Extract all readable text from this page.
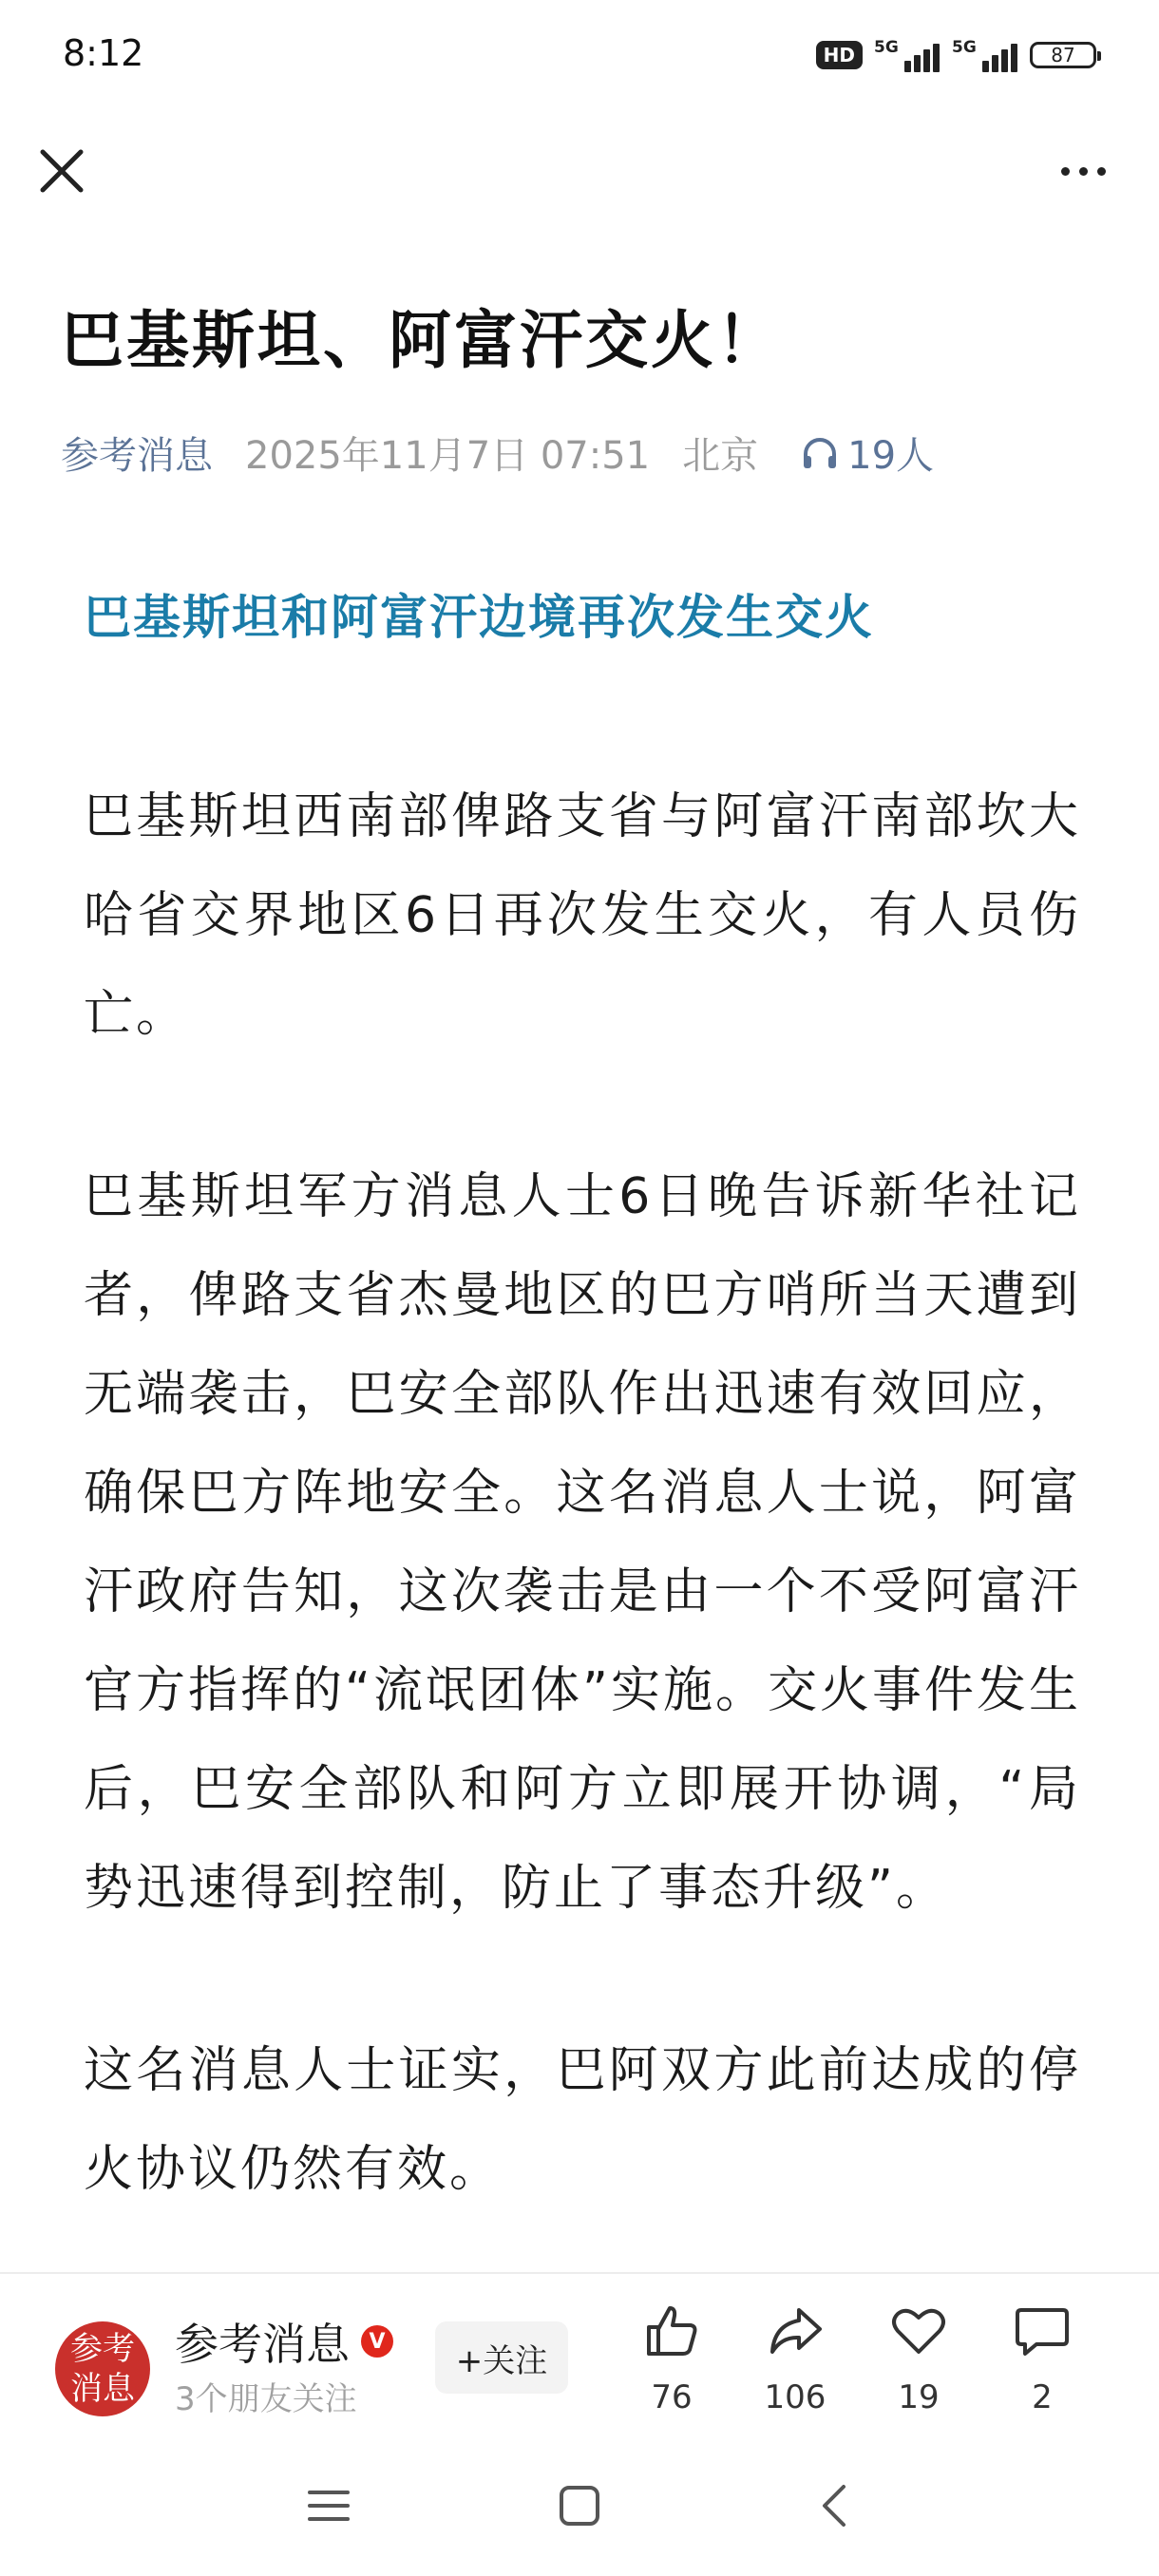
8:12	HD	5G	5G	87
巴基斯坦、阿富汗交火！
参考消息 2025年11月7日 07:51 北京 19人
巴基斯坦和阿富汗边境再次发生交火

巴基斯坦西南部俾路支省与阿富汗南部坎大哈省交界地区6日再次发生交火，有人员伤亡。

巴基斯坦军方消息人士6日晚告诉新华社记者，俾路支省杰曼地区的巴方哨所当天遭到无端袭击，巴安全部队作出迅速有效回应，确保巴方阵地安全。这名消息人士说，阿富汗政府告知，这次袭击是由一个不受阿富汗官方指挥的“流氓团体”实施。交火事件发生后，巴安全部队和阿方立即展开协调，“局势迅速得到控制，防止了事态升级”。

这名消息人士证实，巴阿双方此前达成的停火协议仍然有效。

参考
消息
参考消息 V
3个朋友关注
+关注
76	106	19	2
